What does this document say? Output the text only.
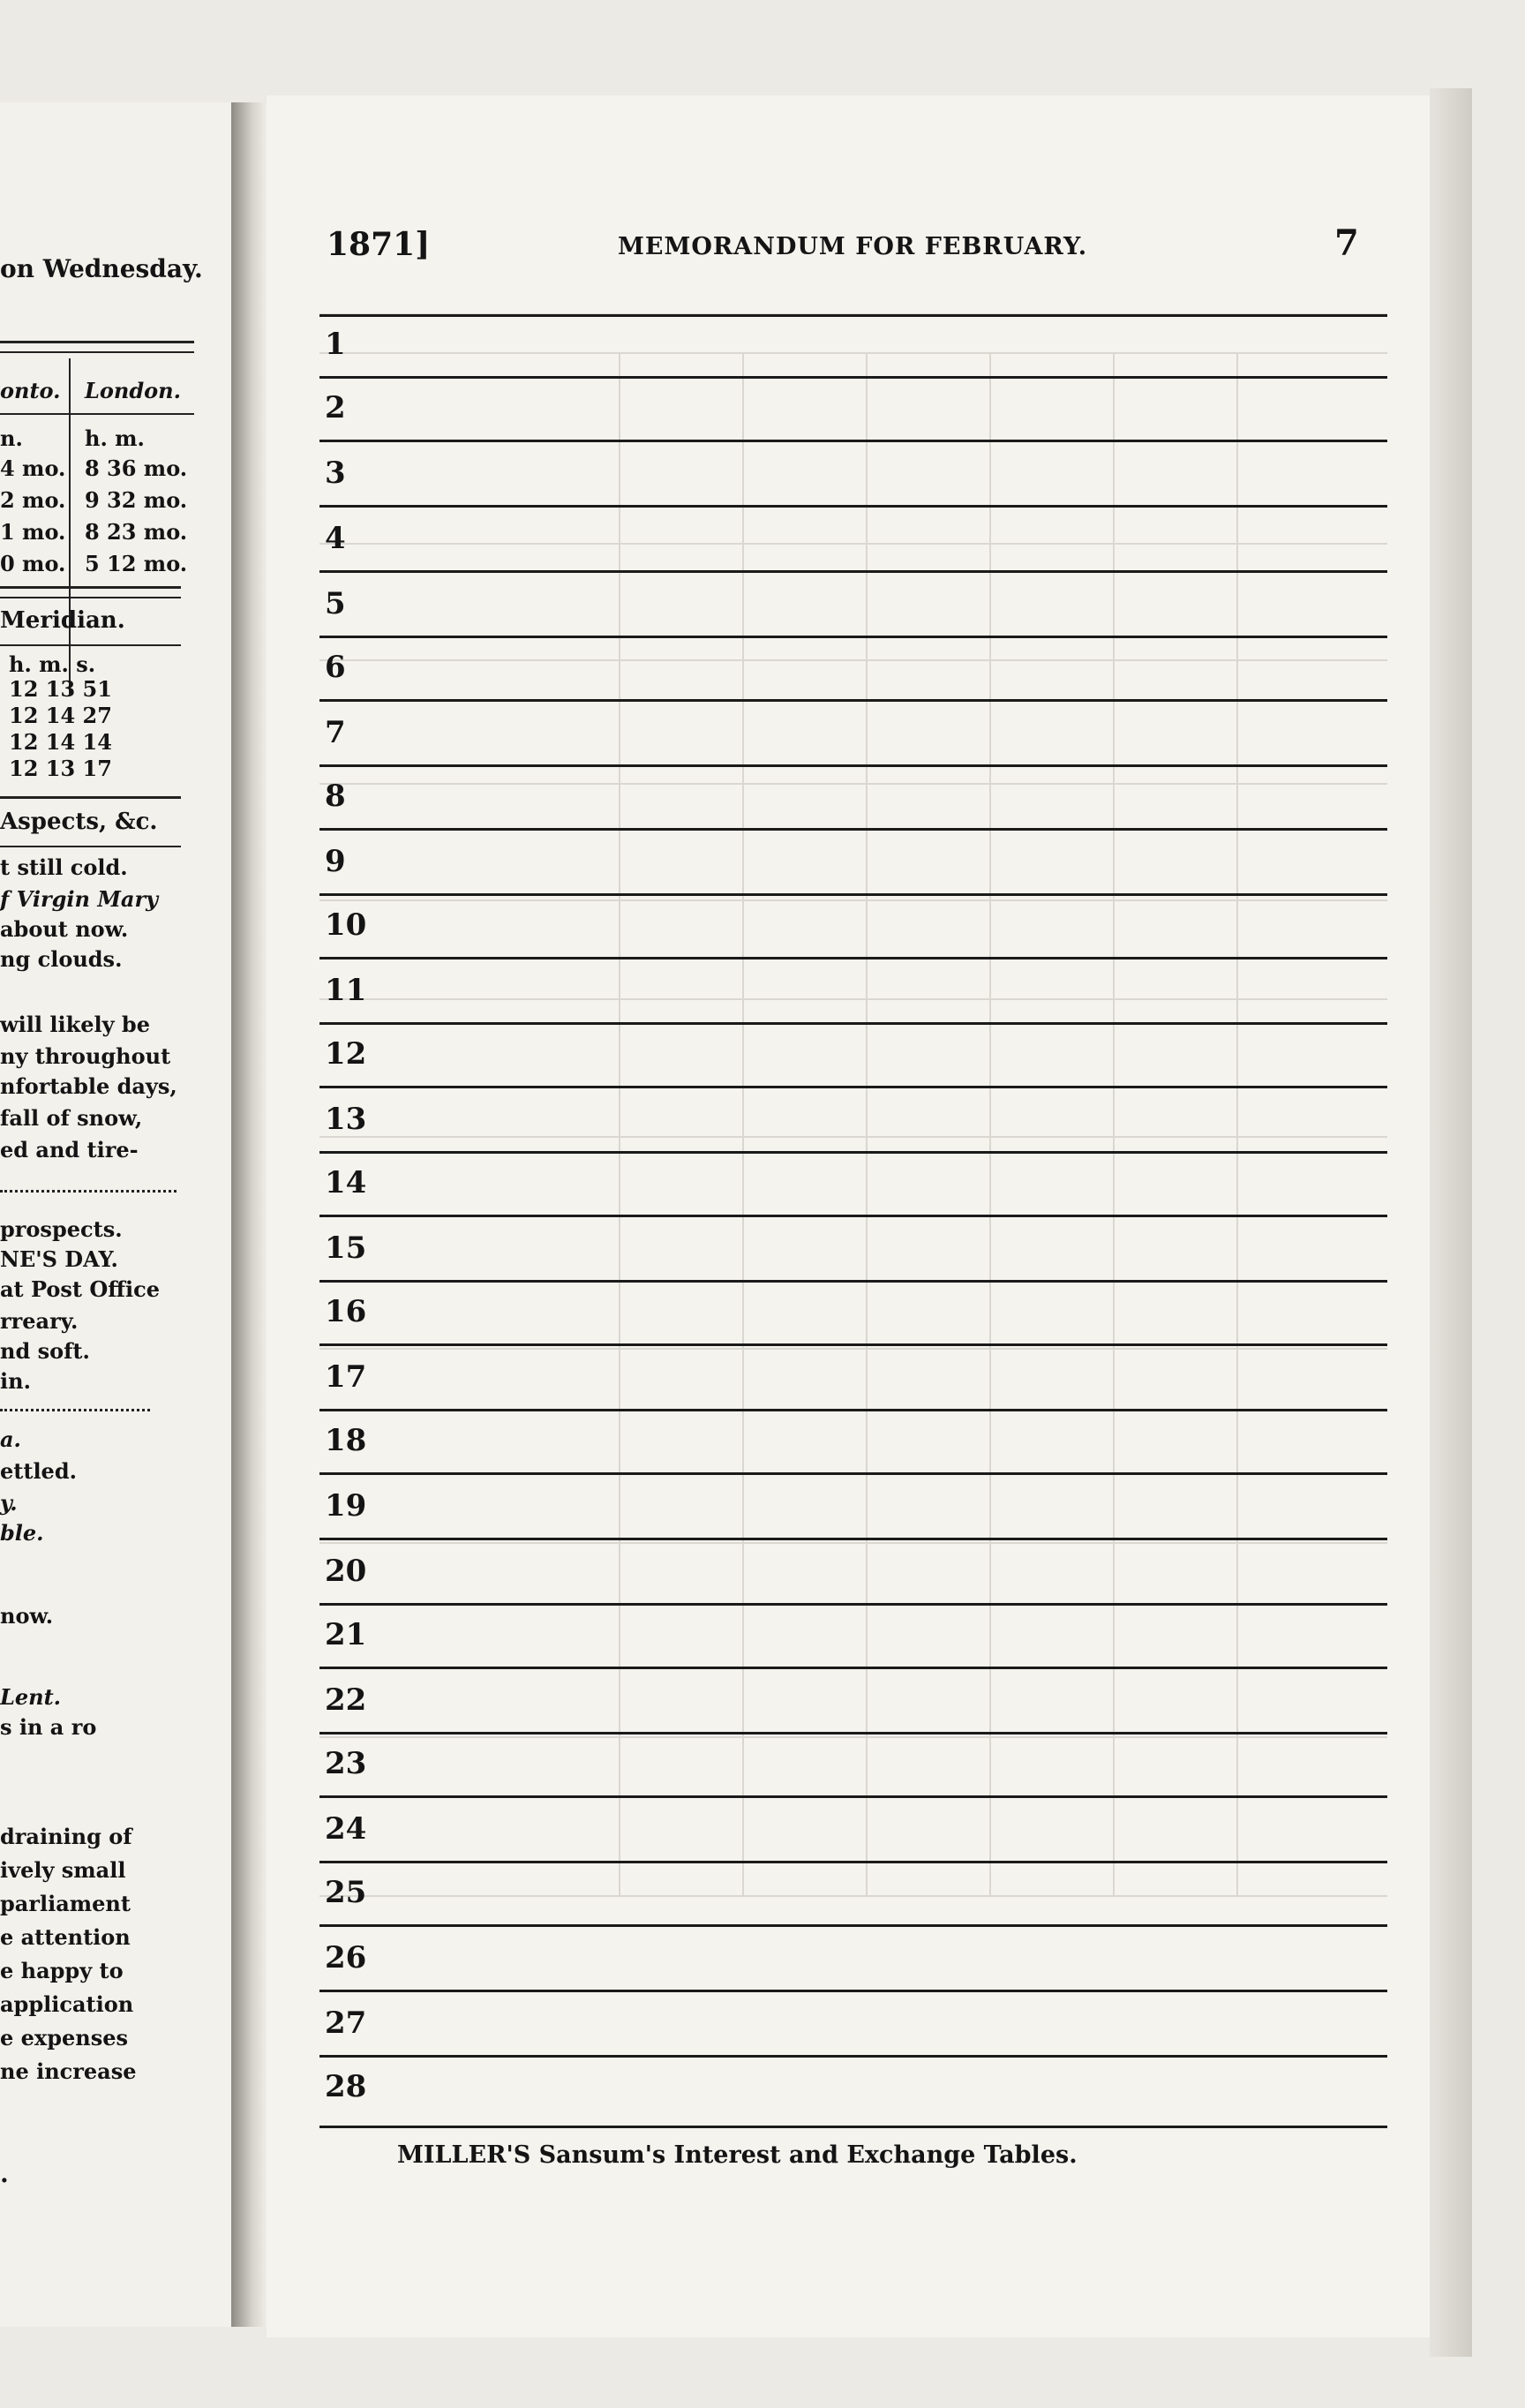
on Wednesday.
onto. London.
n.
4 mo.
2 mo.
1 mo.
0 mo.
h. m.
8 36 mo.
9 32 mo.
8 23 mo.
5 12 mo.
Meridian.
h. m. s.
12 13 51
12 14 27
12 14 14
12 13 17
Aspects, &c.
t still cold.
f Virgin Mary
about now.
ng clouds.
will likely be
ny throughout
nfortable days,
fall of snow,
ed and tire-
prospects.
NE'S DAY.
at Post Office
rreary.
nd soft.
in.
a.
ettled.
y.
ble.
now.
Lent.
s in a ro
draining of
ively small
parliament
e attention
e happy to
application
e expenses
ne increase
.
1871]	MEMORANDUM FOR FEBRUARY.	7
1
2
3
4
5
6
7
8
9
10
11
12
13
14
15
16
17
18
19
20
21
22
23
24
25
26
27
28
MILLER'S Sansum's Interest and Exchange Tables.
